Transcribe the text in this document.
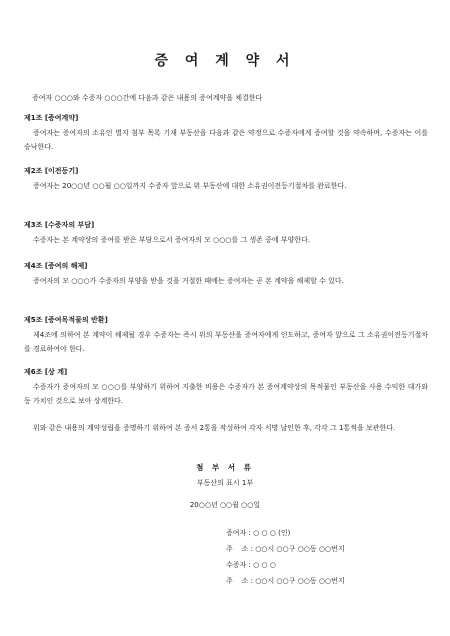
증 여 계 약 서
증여자 ○○○와 수증자 ○○○간에 다음과 같은 내용의 증여계약을 체결한다
제1조 [증여계약]

증여자는 증여자의 소유인 별지 첨부 목록 기재 부동산을 다음과 같은 약정으로 수증자에게 증여할 것을 약속하며, 수증자는 이를 승낙한다.

제2조 [이전등기]

증여자는 20○○년 ○○월 ○○일까지 수증자 앞으로 위 부동산에 대한 소유권이전등기절차를 완료한다.

제3조 [수증자의 부담]

수증자는 본 계약상의 증여를 받은 부담으로서 증여자의 모 ○○○를 그 생존 중에 부양한다.

제4조 [증여의 해제]

증여자의 모 ○○○가 수증자의 부양을 받을 것을 거절한 때에는 증여자는 곧 본 계약을 해제할 수 있다.

제5조 [증여목적물의 반환]

제4조에 의하여 본 계약이 해제될 경우 수증자는 즉시 위의 부동산을 증여자에게 인도하고, 증여자 앞으로 그 소유권이전등기절차를 경료하여야 한다.

제6조 [상 계]

수증자가 증여자의 모 ○○○를 부양하기 위하여 지출한 비용은 수증자가 본 증여계약상의 목적물인 부동산을 사용 수익한 대가와 동 가치인 것으로 보아 상계한다.

위와 같은 내용의 계약성립을 증명하기 위하여 본 증서 2통을 작성하여 각자 서명 날인한 후, 각각 그 1통씩을 보관한다.

첨 부 서 류
부동산의 표시 1부
20○○년 ○○월 ○○일
증여자 : ○ ○ ○ (인)
주    소 : ○○시 ○○구 ○○동 ○○번지
수증자 : ○ ○ ○
주    소 : ○○시 ○○구 ○○동 ○○번지
